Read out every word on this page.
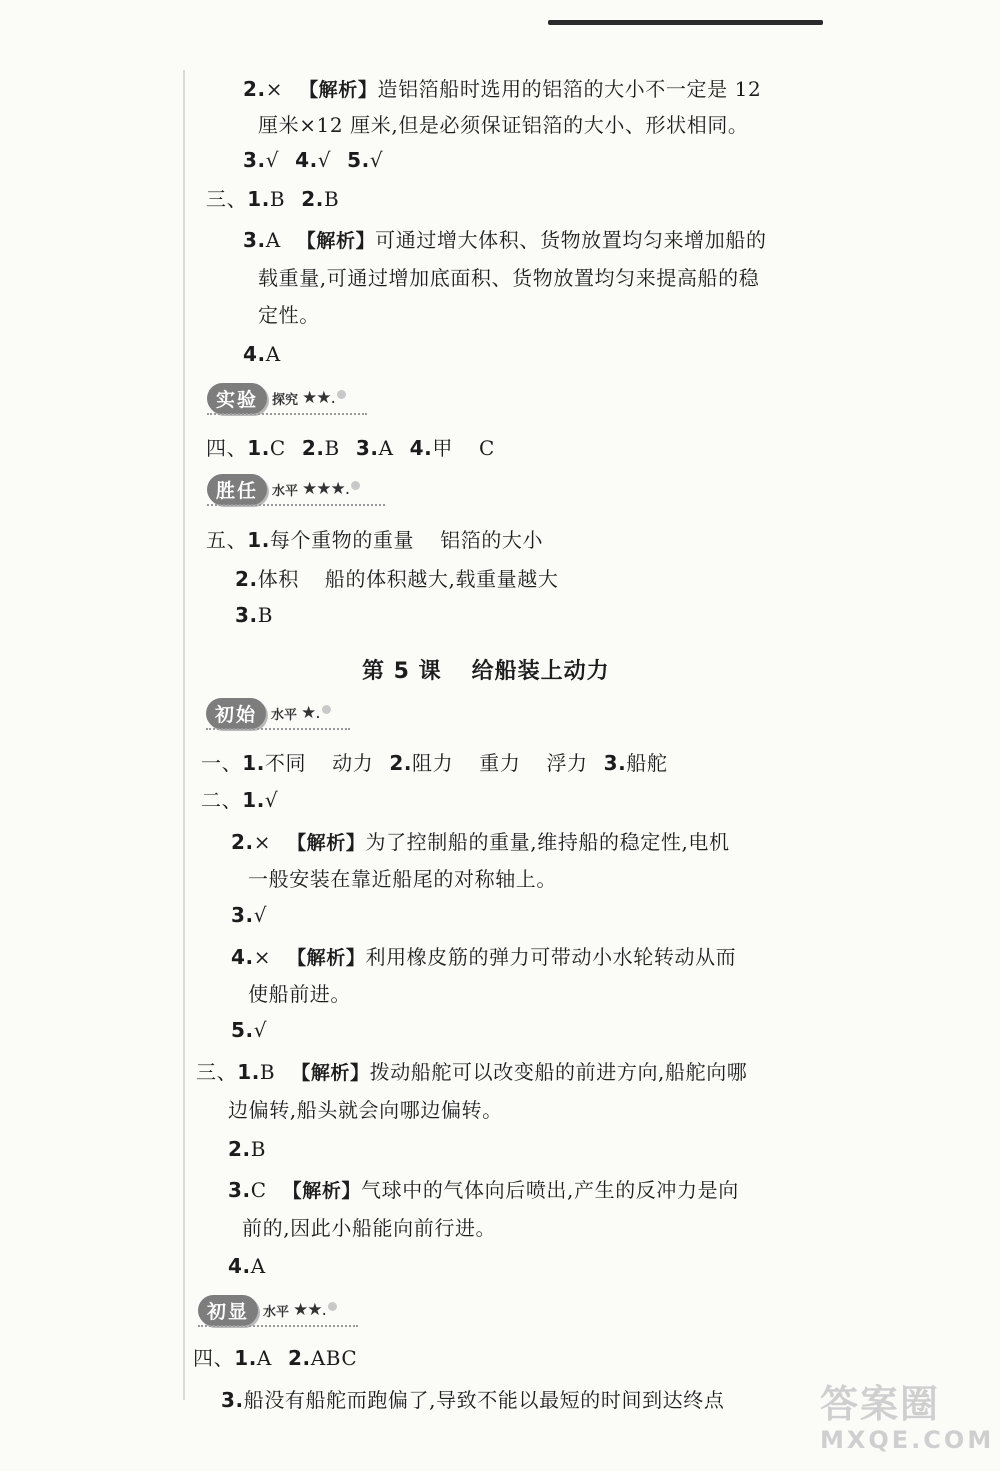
2.× 【解析】造铝箔船时选用的铝箔的大小不一定是 12
厘米×12 厘米,但是必须保证铝箔的大小、形状相同。
3.√ 4.√ 5.√
三、1.B 2.B
3.A 【解析】可通过增大体积、货物放置均匀来增加船的
载重量,可通过增加底面积、货物放置均匀来提高船的稳
定性。
4.A
实验	探究 ★★.
四、1.C 2.B 3.A 4.甲 C
胜任	水平 ★★★.
五、1.每个重物的重量 铝箔的大小
2.体积 船的体积越大,载重量越大
3.B
第 5 课 给船装上动力
初始	水平 ★.
一、1.不同 动力 2.阻力 重力 浮力 3.船舵
二、1.√
2.× 【解析】为了控制船的重量,维持船的稳定性,电机
一般安装在靠近船尾的对称轴上。
3.√
4.× 【解析】利用橡皮筋的弹力可带动小水轮转动从而
使船前进。
5.√
三、1.B 【解析】拨动船舵可以改变船的前进方向,船舵向哪
边偏转,船头就会向哪边偏转。
2.B
3.C 【解析】气球中的气体向后喷出,产生的反冲力是向
前的,因此小船能向前行进。
4.A
初显	水平 ★★.
四、1.A 2.ABC
3.船没有船舵而跑偏了,导致不能以最短的时间到达终点	答案圈
MXQE.COM
